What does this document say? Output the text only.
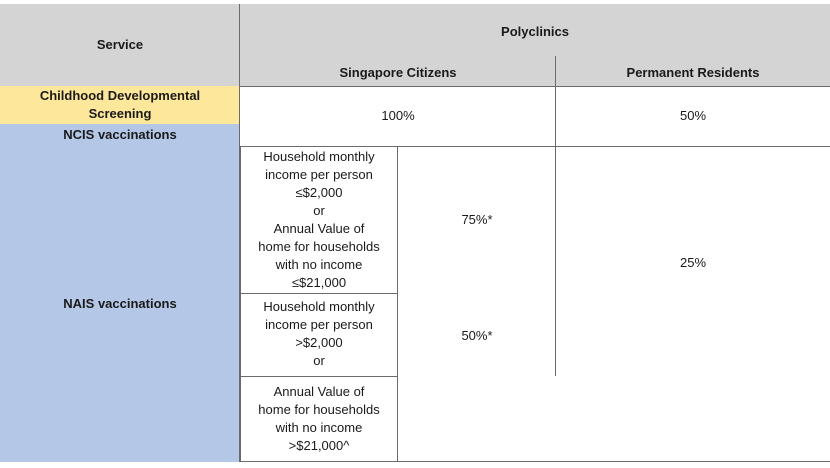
Service
Polyclinics
Singapore Citizens	Permanent Residents
Childhood Developmental
Screening
NCIS vaccinations
NAIS vaccinations
100%	50%
Household monthly
income per person
≤$2,000
or
Annual Value of
home for households
with no income
≤$21,000
75%*
Household monthly
income per person
>$2,000
or
Annual Value of
home for households
with no income
>$21,000^
50%*
25%
